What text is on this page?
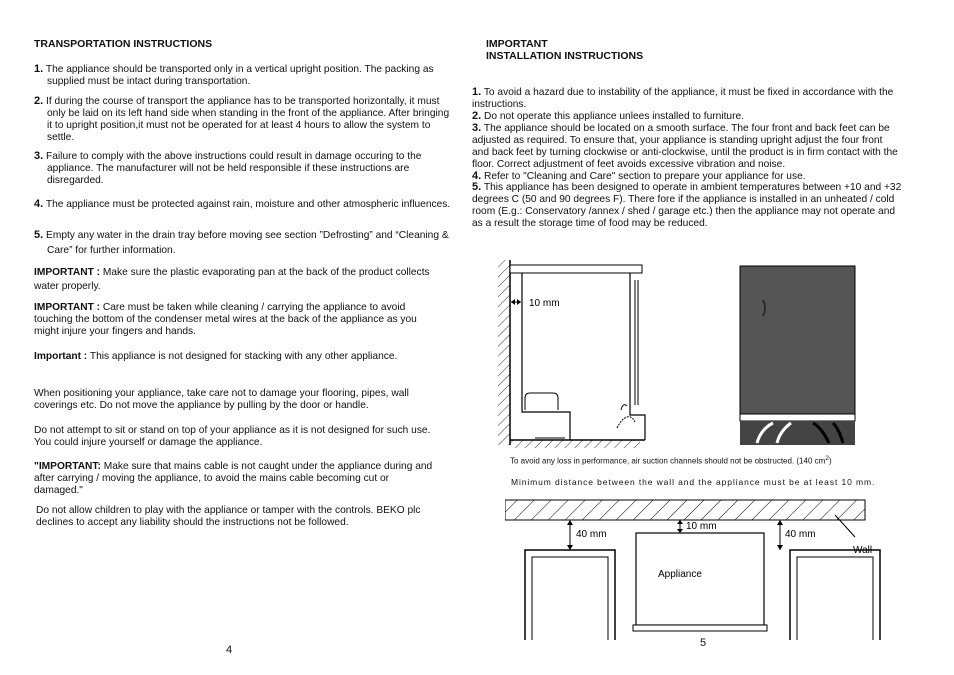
TRANSPORTATION INSTRUCTIONS
1. The appliance should be transported only in a vertical upright position. The packing as supplied must be intact during transportation.
2. If during the course of transport the appliance has to be transported horizontally, it must only be laid on its left hand side when standing in the front of the appliance. After bringing it to upright position,it must not be operated for at least 4 hours to allow the system to settle.
3. Failure to comply with the above instructions could result in damage occuring to the appliance. The manufacturer will not be held responsible if these instructions are disregarded.
4. The appliance must be protected against rain, moisture and other atmospheric influences.
5. Empty any water in the drain tray before moving see section ”Defrosting” and “Cleaning & Care” for further information.
IMPORTANT : Make sure the plastic evaporating pan at the back of the product collects water properly.
IMPORTANT : Care must be taken while cleaning / carrying the appliance to avoid touching the bottom of the condenser metal wires at the back of the appliance as you might injure your fingers and hands.
Important : This appliance is not designed for stacking with any other appliance.
When positioning your appliance, take care not to damage your flooring, pipes, wall coverings etc. Do not move the appliance by pulling by the door or handle.
Do not attempt to sit or stand on top of your appliance as it is not designed for such use. You could injure yourself or damage the appliance.
"IMPORTANT: Make sure that mains cable is not caught under the appliance during and after carrying / moving the appliance, to avoid the mains cable becoming cut or damaged."
Do not allow children to play with the appliance or tamper with the controls. BEKO plc declines to accept any liability should the instructions not be followed.
4
IMPORTANT
INSTALLATION INSTRUCTIONS
1. To avoid a hazard due to instability of the appliance, it must be fixed in accordance with the instructions.
2. Do not operate this appliance unlees installed to furniture.
3. The appliance should be located on a smooth surface. The four front and back feet can be adjusted as required. To ensure that, your appliance is standing upright adjust the four front and back feet by turning clockwise or anti-clockwise, until the product is in firm contact with the floor. Correct adjustment of feet avoids excessive vibration and noise.
4. Refer to "Cleaning and Care" section to prepare your appliance for use.
5. This appliance has been designed to operate in ambient temperatures between +10 and +32 degrees C (50 and 90 degrees F). There fore if the appliance is installed in an unheated / cold room (E.g.: Conservatory /annex / shed / garage etc.) then the appliance may not operate and as a result the storage time of food may be reduced.
10 mm
To avoid any loss in performance, air suction channels should not be obstructed. (140 $cm^2$)
Minimum distance between the wall and the appliance must be at least 10 mm.
40 mm
10 mm
40 mm
Appliance
Wall
5
